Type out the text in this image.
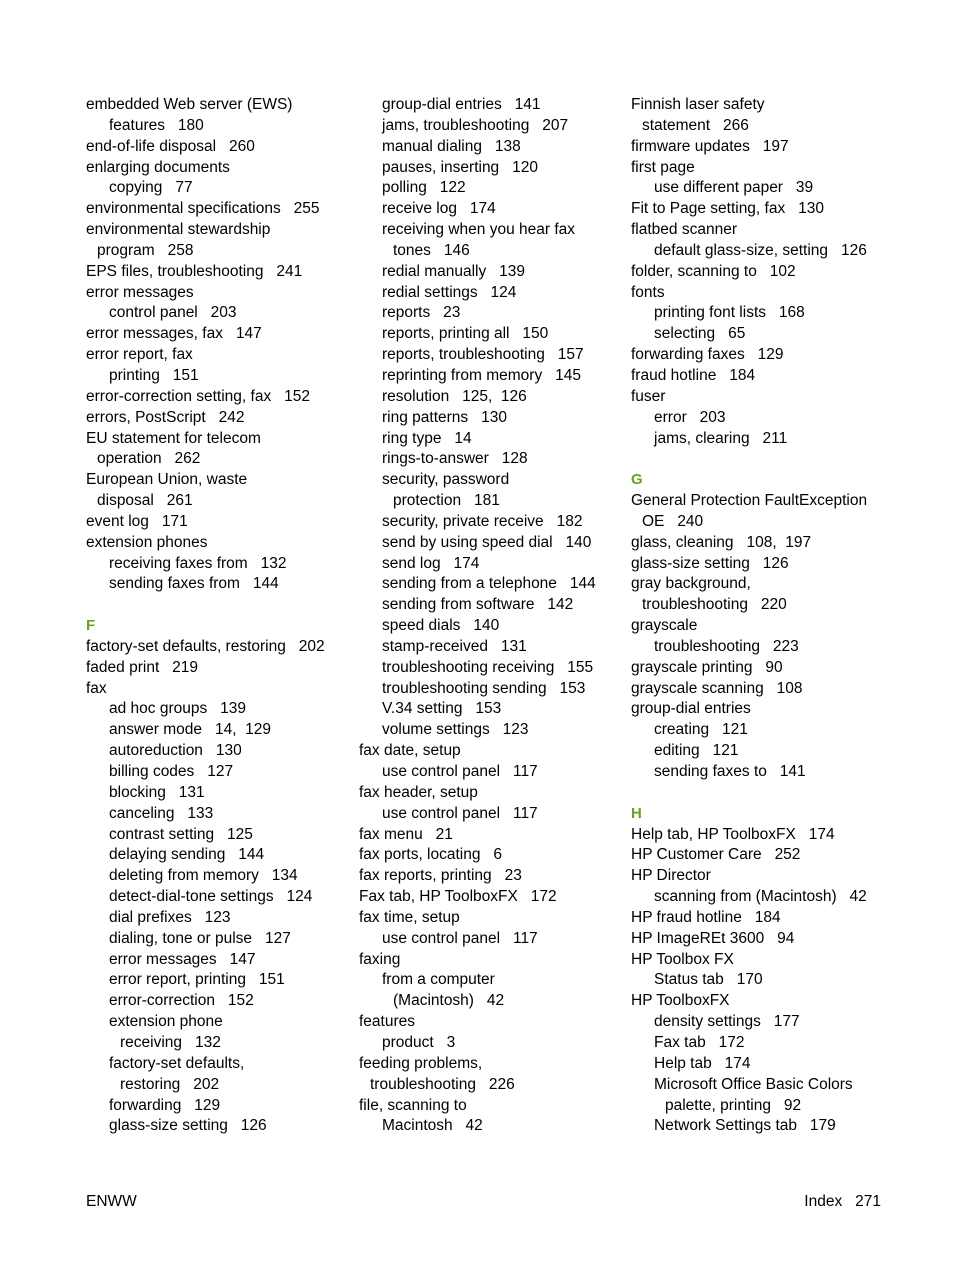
embedded Web server (EWS)
features   180
end-of-life disposal   260
enlarging documents
copying   77
environmental specifications   255
environmental stewardship
program   258
EPS files, troubleshooting   241
error messages
control panel   203
error messages, fax   147
error report, fax
printing   151
error-correction setting, fax   152
errors, PostScript   242
EU statement for telecom
operation   262
European Union, waste
disposal   261
event log   171
extension phones
receiving faxes from   132
sending faxes from   144
F
factory-set defaults, restoring   202
faded print   219
fax
ad hoc groups   139
answer mode   14,  129
autoreduction   130
billing codes   127
blocking   131
canceling   133
contrast setting   125
delaying sending   144
deleting from memory   134
detect-dial-tone settings   124
dial prefixes   123
dialing, tone or pulse   127
error messages   147
error report, printing   151
error-correction   152
extension phone
receiving   132
factory-set defaults,
restoring   202
forwarding   129
glass-size setting   126
group-dial entries   141
jams, troubleshooting   207
manual dialing   138
pauses, inserting   120
polling   122
receive log   174
receiving when you hear fax
tones   146
redial manually   139
redial settings   124
reports   23
reports, printing all   150
reports, troubleshooting   157
reprinting from memory   145
resolution   125,  126
ring patterns   130
ring type   14
rings-to-answer   128
security, password
protection   181
security, private receive   182
send by using speed dial   140
send log   174
sending from a telephone   144
sending from software   142
speed dials   140
stamp-received   131
troubleshooting receiving   155
troubleshooting sending   153
V.34 setting   153
volume settings   123
fax date, setup
use control panel   117
fax header, setup
use control panel   117
fax menu   21
fax ports, locating   6
fax reports, printing   23
Fax tab, HP ToolboxFX   172
fax time, setup
use control panel   117
faxing
from a computer
(Macintosh)   42
features
product   3
feeding problems,
troubleshooting   226
file, scanning to
Macintosh   42
Finnish laser safety
statement   266
firmware updates   197
first page
use different paper   39
Fit to Page setting, fax   130
flatbed scanner
default glass-size, setting   126
folder, scanning to   102
fonts
printing font lists   168
selecting   65
forwarding faxes   129
fraud hotline   184
fuser
error   203
jams, clearing   211
G
General Protection FaultException
OE   240
glass, cleaning   108,  197
glass-size setting   126
gray background,
troubleshooting   220
grayscale
troubleshooting   223
grayscale printing   90
grayscale scanning   108
group-dial entries
creating   121
editing   121
sending faxes to   141
H
Help tab, HP ToolboxFX   174
HP Customer Care   252
HP Director
scanning from (Macintosh)   42
HP fraud hotline   184
HP ImageREt 3600   94
HP Toolbox FX
Status tab   170
HP ToolboxFX
density settings   177
Fax tab   172
Help tab   174
Microsoft Office Basic Colors
palette, printing   92
Network Settings tab   179
ENWW	Index   271
